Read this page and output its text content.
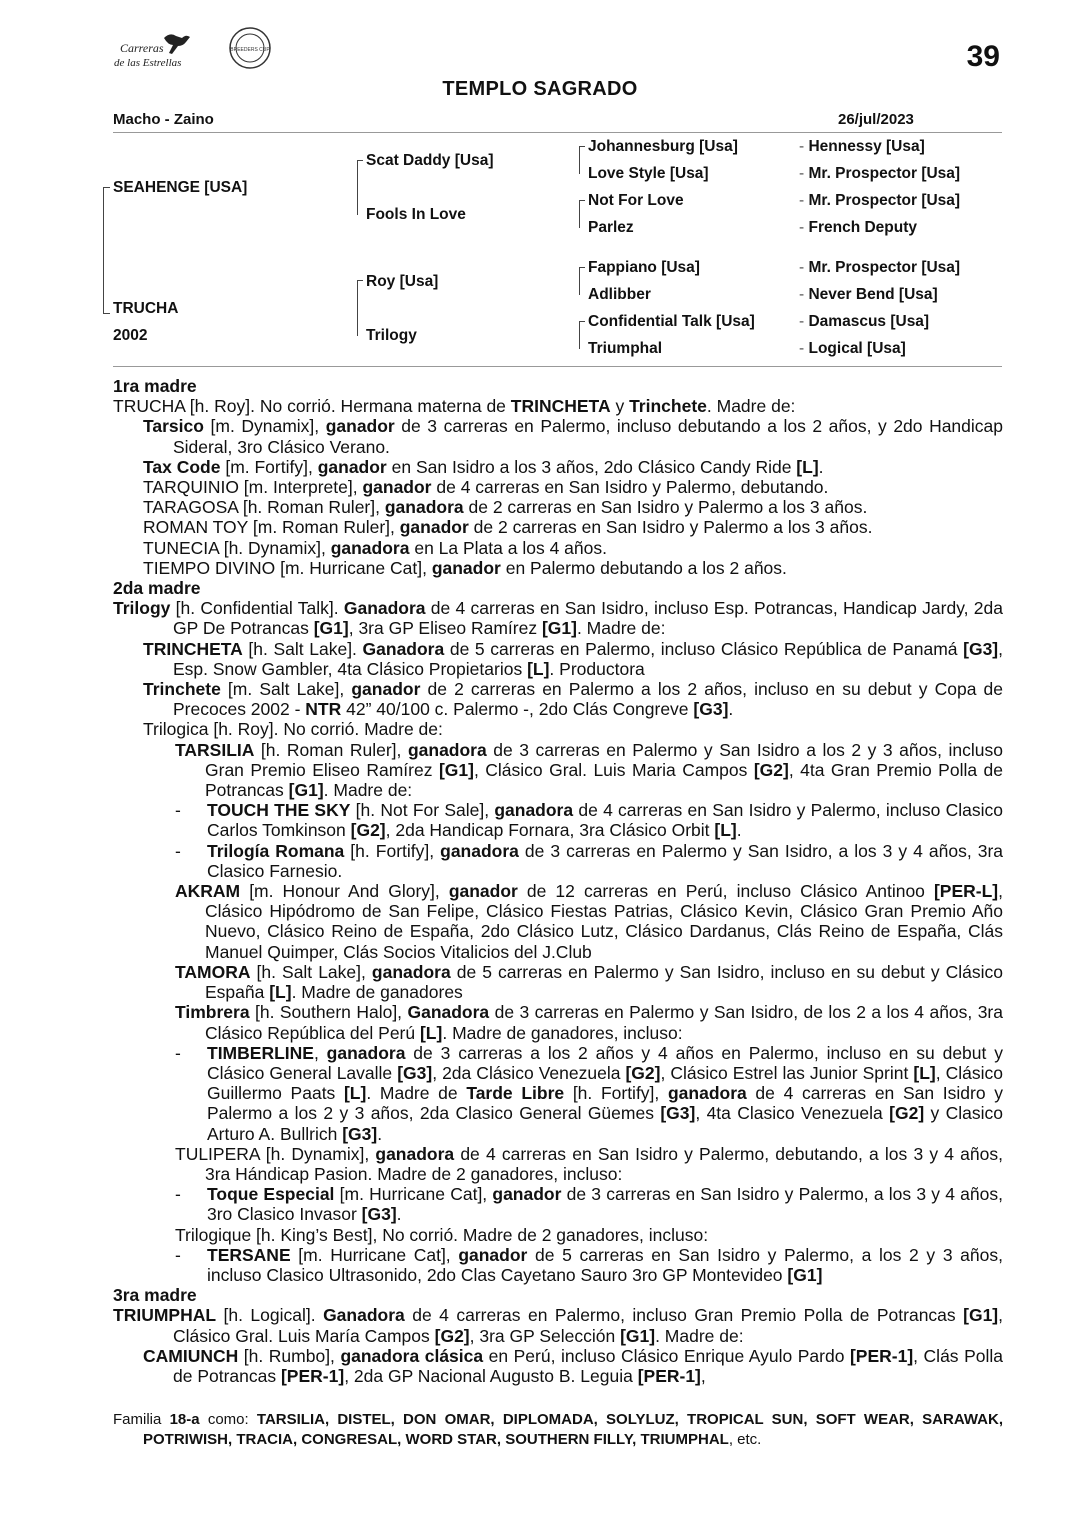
Carreras
de las Estrellas
BREEDERS CUP	39
TEMPLO SAGRADO
Macho - Zaino	26/jul/2023
SEAHENGE [USA]
TRUCHA
2002
Scat Daddy [Usa]
Fools In Love
Roy [Usa]
Trilogy
Johannesburg [Usa]
Love Style [Usa]
Not For Love
Parlez
Fappiano [Usa]
Adlibber
Confidential Talk [Usa]
Triumphal
- Hennessy [Usa]
- Mr. Prospector [Usa]
- Mr. Prospector [Usa]
- French Deputy
- Mr. Prospector [Usa]
- Never Bend [Usa]
- Damascus [Usa]
- Logical [Usa]

1ra madre

TRUCHA [h. Roy]. No corrió. Hermana materna de TRINCHETA y Trinchete. Madre de:

Tarsico [m. Dynamix], ganador de 3 carreras en Palermo, incluso debutando a los 2 años, y 2do Handicap Sideral, 3ro Clásico Verano.

Tax Code [m. Fortify], ganador en San Isidro a los 3 años, 2do Clásico Candy Ride [L].

TARQUINIO [m. Interprete], ganador de 4 carreras en San Isidro y Palermo, debutando.

TARAGOSA [h. Roman Ruler], ganadora de 2 carreras en San Isidro y Palermo a los 3 años.

ROMAN TOY [m. Roman Ruler], ganador de 2 carreras en San Isidro y Palermo a los 3 años.

TUNECIA [h. Dynamix], ganadora en La Plata a los 4 años.

TIEMPO DIVINO [m. Hurricane Cat], ganador en Palermo debutando a los 2 años.

2da madre

Trilogy [h. Confidential Talk]. Ganadora de 4 carreras en San Isidro, incluso Esp. Potrancas, Handicap Jardy, 2da GP De Potrancas [G1], 3ra GP Eliseo Ramírez [G1]. Madre de:

TRINCHETA [h. Salt Lake]. Ganadora de 5 carreras en Palermo, incluso Clásico República de Panamá [G3], Esp. Snow Gambler, 4ta Clásico Propietarios [L]. Productora

Trinchete [m. Salt Lake], ganador de 2 carreras en Palermo a los 2 años, incluso en su debut y Copa de Precoces 2002 - NTR 42” 40/100 c. Palermo -, 2do Clás Congreve [G3].

Trilogica [h. Roy]. No corrió. Madre de:

TARSILIA [h. Roman Ruler], ganadora de 3 carreras en Palermo y San Isidro a los 2 y 3 años, incluso Gran Premio Eliseo Ramírez [G1], Clásico Gral. Luis Maria Campos [G2], 4ta Gran Premio Polla de Potrancas [G1]. Madre de:

- TOUCH THE SKY [h. Not For Sale], ganadora de 4 carreras en San Isidro y Palermo, incluso Clasico Carlos Tomkinson [G2], 2da Handicap Fornara, 3ra Clásico Orbit [L].

- Trilogía Romana [h. Fortify], ganadora de 3 carreras en Palermo y San Isidro, a los 3 y 4 años, 3ra Clasico Farnesio.

AKRAM [m. Honour And Glory], ganador de 12 carreras en Perú, incluso Clásico Antinoo [PER-L], Clásico Hipódromo de San Felipe, Clásico Fiestas Patrias, Clásico Kevin, Clásico Gran Premio Año Nuevo, Clásico Reino de España, 2do Clásico Lutz, Clásico Dardanus, Clás Reino de España, Clás Manuel Quimper, Clás Socios Vitalicios del J.Club

TAMORA [h. Salt Lake], ganadora de 5 carreras en Palermo y San Isidro, incluso en su debut y Clásico España [L]. Madre de ganadores

Timbrera [h. Southern Halo], Ganadora de 3 carreras en Palermo y San Isidro, de los 2 a los 4 años, 3ra Clásico República del Perú [L]. Madre de ganadores, incluso:

- TIMBERLINE, ganadora de 3 carreras a los 2 años y 4 años en Palermo, incluso en su debut y Clásico General Lavalle [G3], 2da Clásico Venezuela [G2], Clásico Estrel las Junior Sprint [L], Clásico Guillermo Paats [L]. Madre de Tarde Libre [h. Fortify], ganadora de 4 carreras en San Isidro y Palermo a los 2 y 3 años, 2da Clasico General Güemes [G3], 4ta Clasico Venezuela [G2] y Clasico Arturo A. Bullrich [G3].

TULIPERA [h. Dynamix], ganadora de 4 carreras en San Isidro y Palermo, debutando, a los 3 y 4 años, 3ra Hándicap Pasion. Madre de 2 ganadores, incluso:

- Toque Especial [m. Hurricane Cat], ganador de 3 carreras en San Isidro y Palermo, a los 3 y 4 años, 3ro Clasico Invasor [G3].

Trilogique [h. King’s Best], No corrió. Madre de 2 ganadores, incluso:

- TERSANE [m. Hurricane Cat], ganador de 5 carreras en San Isidro y Palermo, a los 2 y 3 años, incluso Clasico Ultrasonido, 2do Clas Cayetano Sauro 3ro GP Montevideo [G1]

3ra madre

TRIUMPHAL [h. Logical]. Ganadora de 4 carreras en Palermo, incluso Gran Premio Polla de Potrancas [G1], Clásico Gral. Luis María Campos [G2], 3ra GP Selección [G1]. Madre de:

CAMIUNCH [h. Rumbo], ganadora clásica en Perú, incluso Clásico Enrique Ayulo Pardo [PER-1], Clás Polla de Potrancas [PER-1], 2da GP Nacional Augusto B. Leguia [PER-1],

Familia 18-a como: TARSILIA, DISTEL, DON OMAR, DIPLOMADA, SOLYLUZ, TROPICAL SUN, SOFT WEAR, SARAWAK, POTRIWISH, TRACIA, CONGRESAL, WORD STAR, SOUTHERN FILLY, TRIUMPHAL, etc.
